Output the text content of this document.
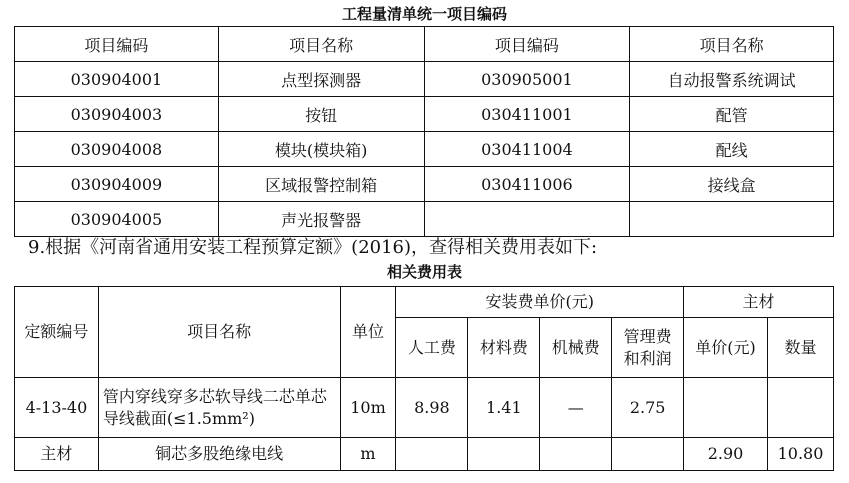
工程量清单统一项目编码
项目编码	项目名称	项目编码	项目名称
030904001	点型探测器	030905001	自动报警系统调试
030904003	按钮	030411001	配管
030904008	模块(模块箱)	030411004	配线
030904009	区域报警控制箱	030411006	接线盒
030904005	声光报警器		
9.根据《河南省通用安装工程预算定额》(2016)，查得相关费用表如下:
相关费用表
定额编号	项目名称	单位	安装费单价(元)				主材	
			人工费	材料费	机械费	管理费和利润	单价(元)	数量
4-13-40	管内穿线穿多芯软导线二芯单芯导线截面(≤1.5mm²)	10m	8.98	1.41	—	2.75		
主材	铜芯多股绝缘电线	m					2.90	10.80
